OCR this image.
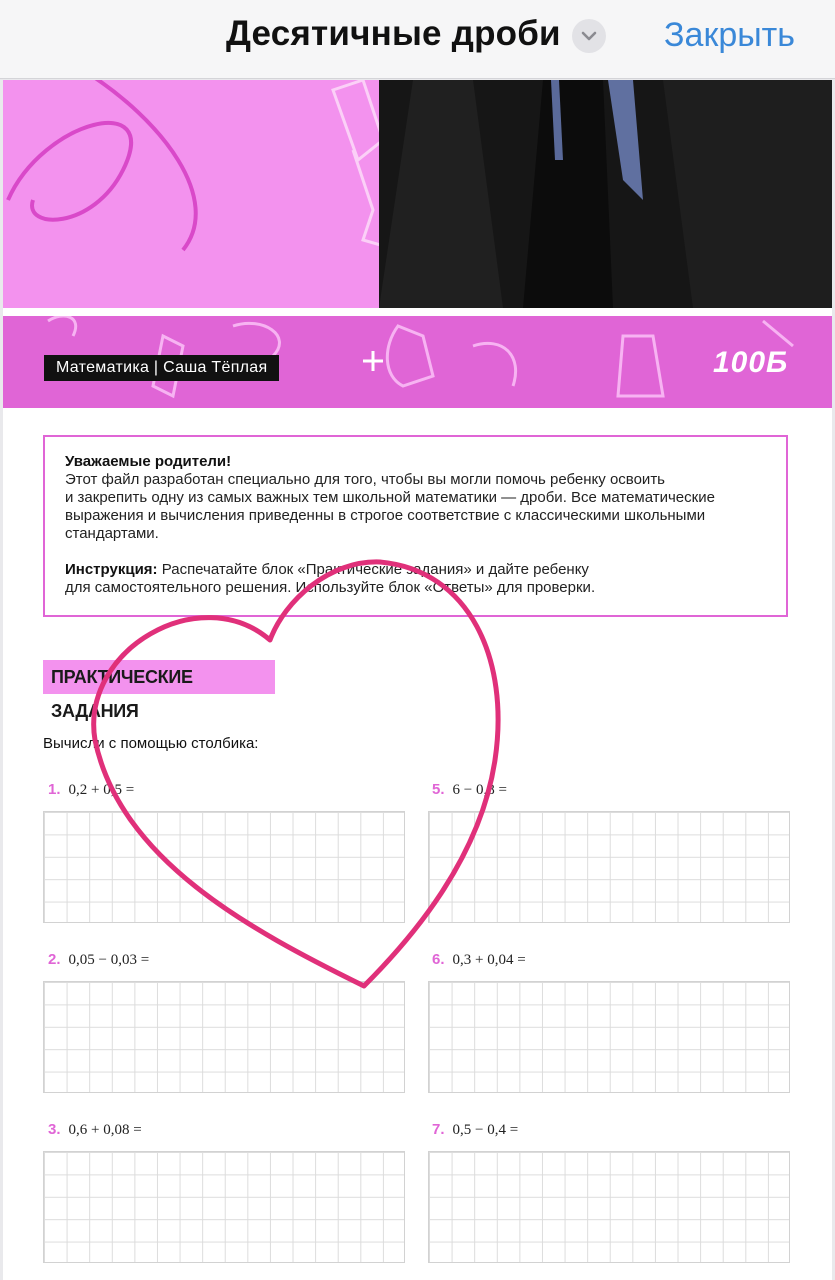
Десятичные дроби	Закрыть
Математика | Саша Тёплая	100Б
Уважаемые родители!
Этот файл разработан специально для того, чтобы вы могли помочь ребенку освоить
и закрепить одну из самых важных тем школьной математики — дроби. Все математические
выражения и вычисления приведенны в строгое соответствие с классическими школьными
стандартами.
Инструкция: Распечатайте блок «Практические задания» и дайте ребенку
для самостоятельного решения. Используйте блок «Ответы» для проверки.
ПРАКТИЧЕСКИЕ ЗАДАНИЯ
Вычисли с помощью столбика:
1. 0,2 + 0,5 =	5. 6 − 0,8 =
2. 0,05 − 0,03 =	6. 0,3 + 0,04 =
3. 0,6 + 0,08 =	7. 0,5 − 0,4 =
